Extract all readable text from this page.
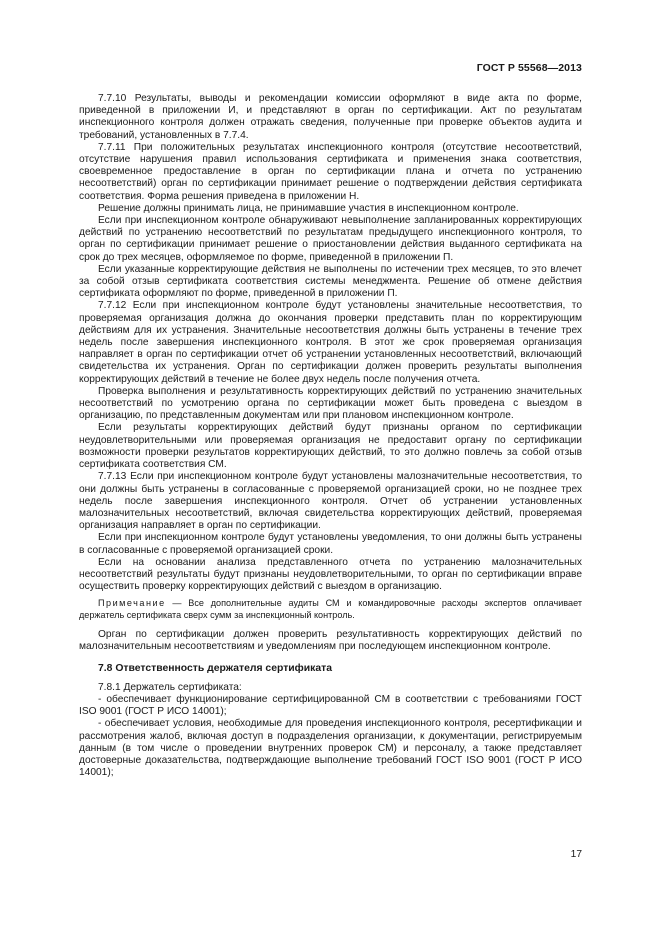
ГОСТ Р 55568—2013

7.7.10 Результаты, выводы и рекомендации комиссии оформляют в виде акта по форме, приведенной в приложении И, и представляют в орган по сертификации. Акт по результатам инспекционного контроля должен отражать сведения, полученные при проверке объектов аудита и требований, установленных в 7.7.4.

7.7.11 При положительных результатах инспекционного контроля (отсутствие несоответствий, отсутствие нарушения правил использования сертификата и применения знака соответствия, своевременное предоставление в орган по сертификации плана и отчета по устранению несоответствий) орган по сертификации принимает решение о подтверждении действия сертификата соответствия. Форма решения приведена в приложении Н.

Решение должны принимать лица, не принимавшие участия в инспекционном контроле.

Если при инспекционном контроле обнаруживают невыполнение запланированных корректирующих действий по устранению несоответствий по результатам предыдущего инспекционного контроля, то орган по сертификации принимает решение о приостановлении действия выданного сертификата на срок до трех месяцев, оформляемое по форме, приведенной в приложении П.

Если указанные корректирующие действия не выполнены по истечении трех месяцев, то это влечет за собой отзыв сертификата соответствия системы менеджмента. Решение об отмене действия сертификата оформляют по форме, приведенной в приложении П.

7.7.12 Если при инспекционном контроле будут установлены значительные несоответствия, то проверяемая организация должна до окончания проверки представить план по корректирующим действиям для их устранения. Значительные несоответствия должны быть устранены в течение трех недель после завершения инспекционного контроля. В этот же срок проверяемая организация направляет в орган по сертификации отчет об устранении установленных несоответствий, включающий свидетельства их устранения. Орган по сертификации должен проверить результаты выполнения корректирующих действий в течение не более двух недель после получения отчета.

Проверка выполнения и результативность корректирующих действий по устранению значительных несоответствий по усмотрению органа по сертификации может быть проведена с выездом в организацию, по представленным документам или при плановом инспекционном контроле.

Если результаты корректирующих действий будут признаны органом по сертификации неудовлетворительными или проверяемая организация не предоставит органу по сертификации возможности проверки результатов корректирующих действий, то это должно повлечь за собой отзыв сертификата соответствия СМ.

7.7.13 Если при инспекционном контроле будут установлены малозначительные несоответствия, то они должны быть устранены в согласованные с проверяемой организацией сроки, но не позднее трех недель после завершения инспекционного контроля. Отчет об устранении установленных малозначительных несоответствий, включая свидетельства корректирующих действий, проверяемая организация направляет в орган по сертификации.

Если при инспекционном контроле будут установлены уведомления, то они должны быть устранены в согласованные с проверяемой организацией сроки.

Если на основании анализа представленного отчета по устранению малозначительных несоответствий результаты будут признаны неудовлетворительными, то орган по сертификации вправе осуществить проверку корректирующих действий с выездом в организацию.

Примечание — Все дополнительные аудиты СМ и командировочные расходы экспертов оплачивает держатель сертификата сверх сумм за инспекционный контроль.

Орган по сертификации должен проверить результативность корректирующих действий по малозначительным несоответствиям и уведомлениям при последующем инспекционном контроле.

7.8 Ответственность держателя сертификата

7.8.1 Держатель сертификата:

- обеспечивает функционирование сертифицированной СМ в соответствии с требованиями ГОСТ ISO 9001 (ГОСТ Р ИСО 14001);

- обеспечивает условия, необходимые для проведения инспекционного контроля, ресертификации и рассмотрения жалоб, включая доступ в подразделения организации, к документации, регистрируемым данным (в том числе о проведении внутренних проверок СМ) и персоналу, а также представляет достоверные доказательства, подтверждающие выполнение требований ГОСТ ISO 9001 (ГОСТ Р ИСО 14001);

17
